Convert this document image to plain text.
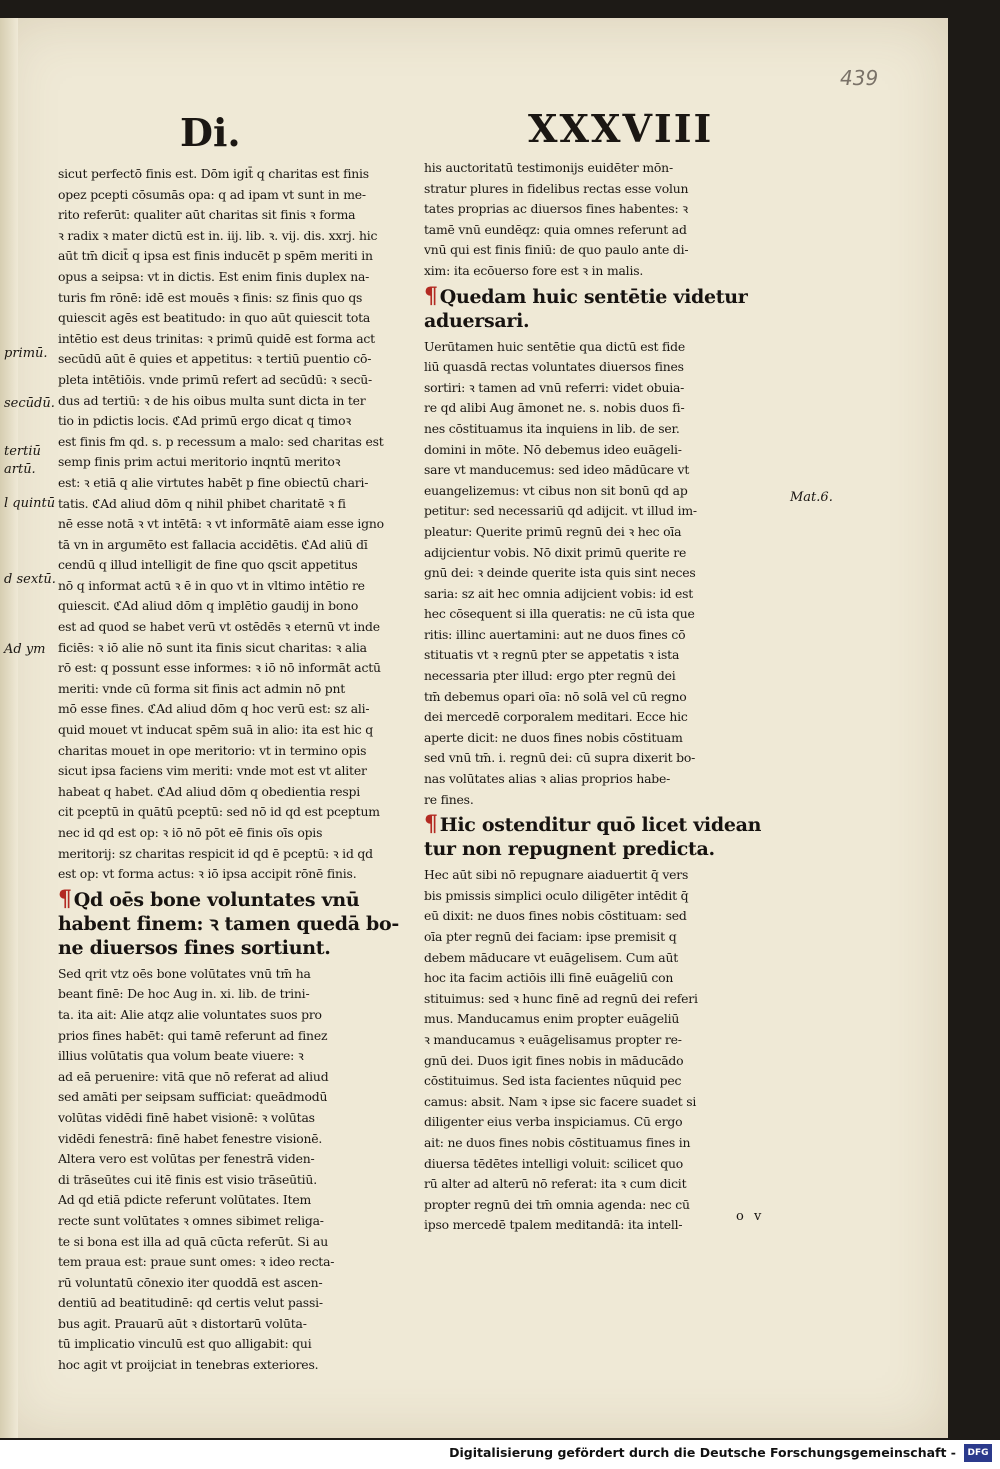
439
Di.	XXXVIII
primū.
secūdū.
tertiū
artū.
l quintū
d sextū.
Ad ym
Mat.6.
sicut perfectō finis est. Dōm igit̄ q charitas est finis
opez pcepti cōsumās opa: q ad ipam vt sunt in me-
rito referūt: qualiter aūt charitas sit finis ꝛ forma
ꝛ radix ꝛ mater dictū est in. iij. lib. ꝛ. vij. dis. xxrj. hic
aūt tm̄ dicit̄ q ipsa est finis inducēt p spēm meriti in
opus a seipsa: vt in dictis. Est enim finis duplex na-
turis fm rōnē: idē est mouēs ꝛ finis: sz finis quo qs
quiescit agēs est beatitudo: in quo aūt quiescit tota
intētio est deus trinitas: ꝛ primū quidē est forma act
secūdū aūt ē quies et appetitus: ꝛ tertiū puentio cō-
pleta intētiōis. vnde primū refert ad secūdū: ꝛ secū-
dus ad tertiū: ꝛ de his oibus multa sunt dicta in ter
tio in pdictis locis. ℭAd primū ergo dicat q timoꝛ
est finis fm qd. s. p recessum a malo: sed charitas est
semp finis prim actui meritorio inqntū meritoꝛ
est: ꝛ etiā q alie virtutes habēt p fine obiectū chari-
tatis. ℭAd aliud dōm q nihil phibet charitatē ꝛ fi
nē esse notā ꝛ vt intētā: ꝛ vt informātē aiam esse igno
tā vn in argumēto est fallacia accidētis. ℭAd aliū dī
cendū q illud intelligit de fine quo qscit appetitus
nō q informat actū ꝛ ē in quo vt in vltimo intētio re
quiescit. ℭAd aliud dōm q implētio gaudij in bono
est ad quod se habet verū vt ostēdēs ꝛ eternū vt inde
ficiēs: ꝛ iō alie nō sunt ita finis sicut charitas: ꝛ alia
rō est: q possunt esse informes: ꝛ iō nō informāt actū
meriti: vnde cū forma sit finis act admin nō pnt
mō esse fines. ℭAd aliud dōm q hoc verū est: sz ali-
quid mouet vt inducat spēm suā in alio: ita est hic q
charitas mouet in ope meritorio: vt in termino opis
sicut ipsa faciens vim meriti: vnde mot est vt aliter
habeat q habet. ℭAd aliud dōm q obedientia respi
cit pceptū in quātū pceptū: sed nō id qd est pceptum
nec id qd est op: ꝛ iō nō pōt eē finis oīs opis
meritorij: sz charitas respicit id qd ē pceptū: ꝛ id qd
est op: vt forma actus: ꝛ iō ipsa accipit rōnē finis.
¶ Qd oēs bone voluntates vnū
habent finem: ꝛ tamen quedā bo-
ne diuersos fines sortiunt.
Sed qrit vtz oēs bone volūtates vnū tm̄ ha
beant finē: De hoc Aug in. xi. lib. de trini-
ta. ita ait: Alie atqz alie voluntates suos pro
prios fines habēt: qui tamē referunt ad finez
illius volūtatis qua volum beate viuere: ꝛ
ad eā peruenire: vitā que nō referat ad aliud
sed amāti per seipsam sufficiat: queādmodū
volūtas vidēdi finē habet visionē: ꝛ volūtas
vidēdi fenestrā: finē habet fenestre visionē.
Altera vero est volūtas per fenestrā viden-
di trāseūtes cui itē finis est visio trāseūtiū.
Ad qd etiā pdicte referunt volūtates. Item
recte sunt volūtates ꝛ omnes sibimet religa-
te si bona est illa ad quā cūcta referūt. Si au
tem praua est: praue sunt omes: ꝛ ideo recta-
rū voluntatū cōnexio iter quoddā est ascen-
dentiū ad beatitudinē: qd certis velut passi-
bus agit. Prauarū aūt ꝛ distortarū volūta-
tū implicatio vinculū est quo alligabit: qui
hoc agit vt proijciat in tenebras exteriores.
his auctoritatū testimonijs euidēter mōn-
stratur plures in fidelibus rectas esse volun
tates proprias ac diuersos fines habentes: ꝛ
tamē vnū eundēqz: quia omnes referunt ad
vnū qui est finis finiū: de quo paulo ante di-
xim: ita ecōuerso fore est ꝛ in malis.
¶ Quedam huic sentētie videtur
aduersari.
Uerūtamen huic sentētie qua dictū est fide
liū quasdā rectas voluntates diuersos fines
sortiri: ꝛ tamen ad vnū referri: videt obuia-
re qd alibi Aug āmonet ne. s. nobis duos fi-
nes cōstituamus ita inquiens in lib. de ser.
domini in mōte. Nō debemus ideo euāgeli-
sare vt manducemus: sed ideo mādūcare vt
euangelizemus: vt cibus non sit bonū qd ap
petitur: sed necessariū qd adijcit. vt illud im-
pleatur: Querite primū regnū dei ꝛ hec oīa
adijcientur vobis. Nō dixit primū querite re
gnū dei: ꝛ deinde querite ista quis sint neces
saria: sz ait hec omnia adijcient vobis: id est
hec cōsequent si illa queratis: ne cū ista que
ritis: illinc auertamini: aut ne duos fines cō
stituatis vt ꝛ regnū pter se appetatis ꝛ ista
necessaria pter illud: ergo pter regnū dei
tm̄ debemus opari oīa: nō solā vel cū regno
dei mercedē corporalem meditari. Ecce hic
aperte dicit: ne duos fines nobis cōstituam
sed vnū tm̄. i. regnū dei: cū supra dixerit bo-
nas volūtates alias ꝛ alias proprios habe-
re fines.
¶ Hic ostenditur quō licet videan
tur non repugnent predicta.
Hec aūt sibi nō repugnare aiaduertit q̄ vers
bis pmissis simplici oculo diligēter intēdit q̄
eū dixit: ne duos fines nobis cōstituam: sed
oīa pter regnū dei faciam: ipse premisit q
debem māducare vt euāgelisem. Cum aūt
hoc ita facim actiōis illi finē euāgeliū con
stituimus: sed ꝛ hunc finē ad regnū dei referi
mus. Manducamus enim propter euāgeliū
ꝛ manducamus ꝛ euāgelisamus propter re-
gnū dei. Duos igit fines nobis in māducādo
cōstituimus. Sed ista facientes nūquid pec
camus: absit. Nam ꝛ ipse sic facere suadet si
diligenter eius verba inspiciamus. Cū ergo
ait: ne duos fines nobis cōstituamus fines in
diuersa tēdētes intelligi voluit: scilicet quo
rū alter ad alterū nō referat: ita ꝛ cum dicit
propter regnū dei tm̄ omnia agenda: nec cū
ipso mercedē tpalem meditandā: ita intell-
o v
Digitalisierung gefördert durch die Deutsche Forschungsgemeinschaft -	DFG
